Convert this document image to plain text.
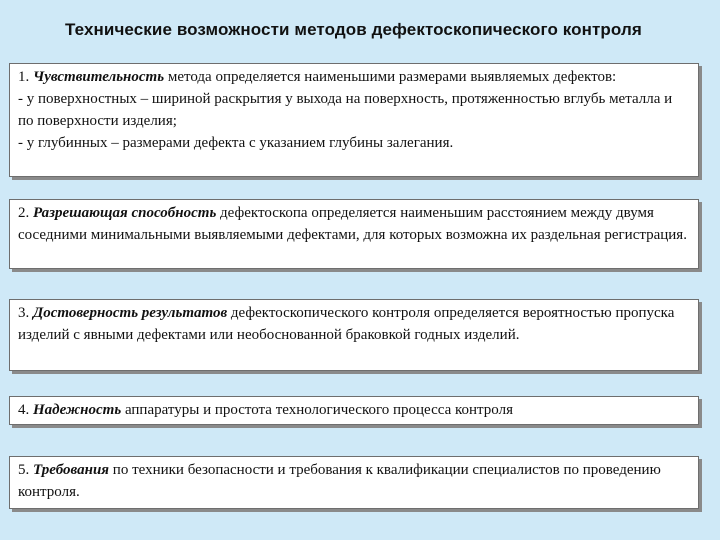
Технические возможности методов дефектоскопического контроля
1. Чувствительность метода определяется наименьшими размерами выявляемых дефектов:
- у поверхностных – шириной раскрытия у выхода на поверхность, протяженностью вглубь металла и по поверхности изделия;
- у глубинных – размерами дефекта с указанием глубины залегания.
2. Разрешающая способность дефектоскопа определяется наименьшим расстоянием между двумя соседними минимальными выявляемыми дефектами, для которых возможна их раздельная регистрация.
3. Достоверность результатов дефектоскопического контроля определяется вероятностью пропуска изделий с явными дефектами или необоснованной браковкой годных изделий.
4. Надежность аппаратуры и простота технологического процесса контроля
5. Требования по техники безопасности и требования к квалификации специалистов по проведению контроля.
